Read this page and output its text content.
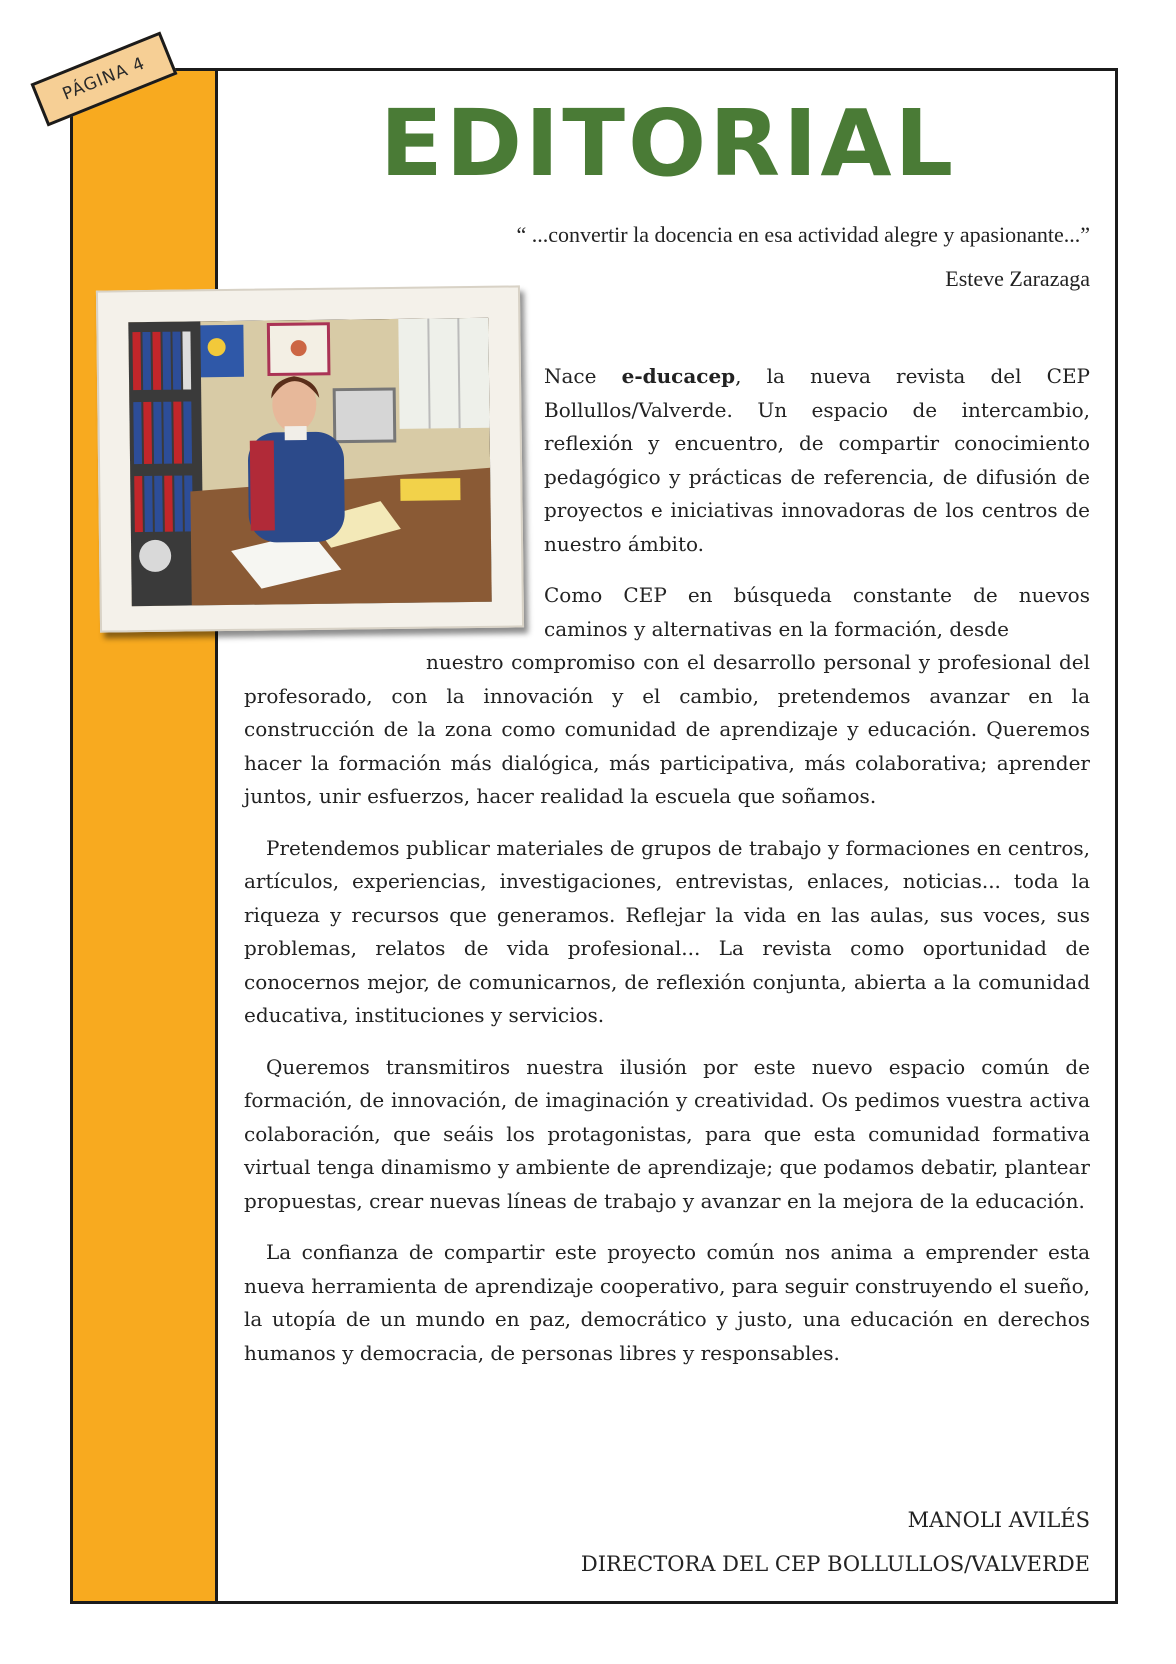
PÁGINA 4
EDITORIAL
“ ...convertir la docencia en esa actividad alegre y apasionante...”
Esteve Zarazaga

Nace e-ducacep, la nueva revista del CEP Bollullos/Valverde. Un espacio de intercambio, reflexión y encuentro, de compartir conocimiento pedagógico y prácticas de referencia, de difusión de proyectos e iniciativas innovadoras de los centros de nuestro ámbito.

Como CEP en búsqueda constante de nuevos caminos y alternativas en la formación, desde

nuestro compromiso con el desarrollo personal y profesional del profesorado, con la innovación y el cambio, pretendemos avanzar en la construcción de la zona como comunidad de aprendizaje y educación. Queremos hacer la formación más dialógica, más participativa, más colaborativa; aprender juntos, unir esfuerzos, hacer realidad la escuela que soñamos.

Pretendemos publicar materiales de grupos de trabajo y formaciones en centros, artículos, experiencias, investigaciones, entrevistas, enlaces, noticias... toda la riqueza y recursos que generamos. Reflejar la vida en las aulas, sus voces, sus problemas, relatos de vida profesional... La revista como oportunidad de conocernos mejor, de comunicarnos, de reflexión conjunta, abierta a la comunidad educativa, instituciones y servicios.

Queremos transmitiros nuestra ilusión por este nuevo espacio común de formación, de innovación, de imaginación y creatividad. Os pedimos vuestra activa colaboración, que seáis los protagonistas, para que esta comunidad formativa virtual tenga dinamismo y ambiente de aprendizaje; que podamos debatir, plantear propuestas, crear nuevas líneas de trabajo y avanzar en la mejora de la educación.

La confianza de compartir este proyecto común nos anima a emprender esta nueva herramienta de aprendizaje cooperativo, para seguir construyendo el sueño, la utopía de un mundo en paz, democrático y justo, una educación en derechos humanos y democracia, de personas libres y responsables.

MANOLI AVILÉS
DIRECTORA DEL CEP BOLLULLOS/VALVERDE
